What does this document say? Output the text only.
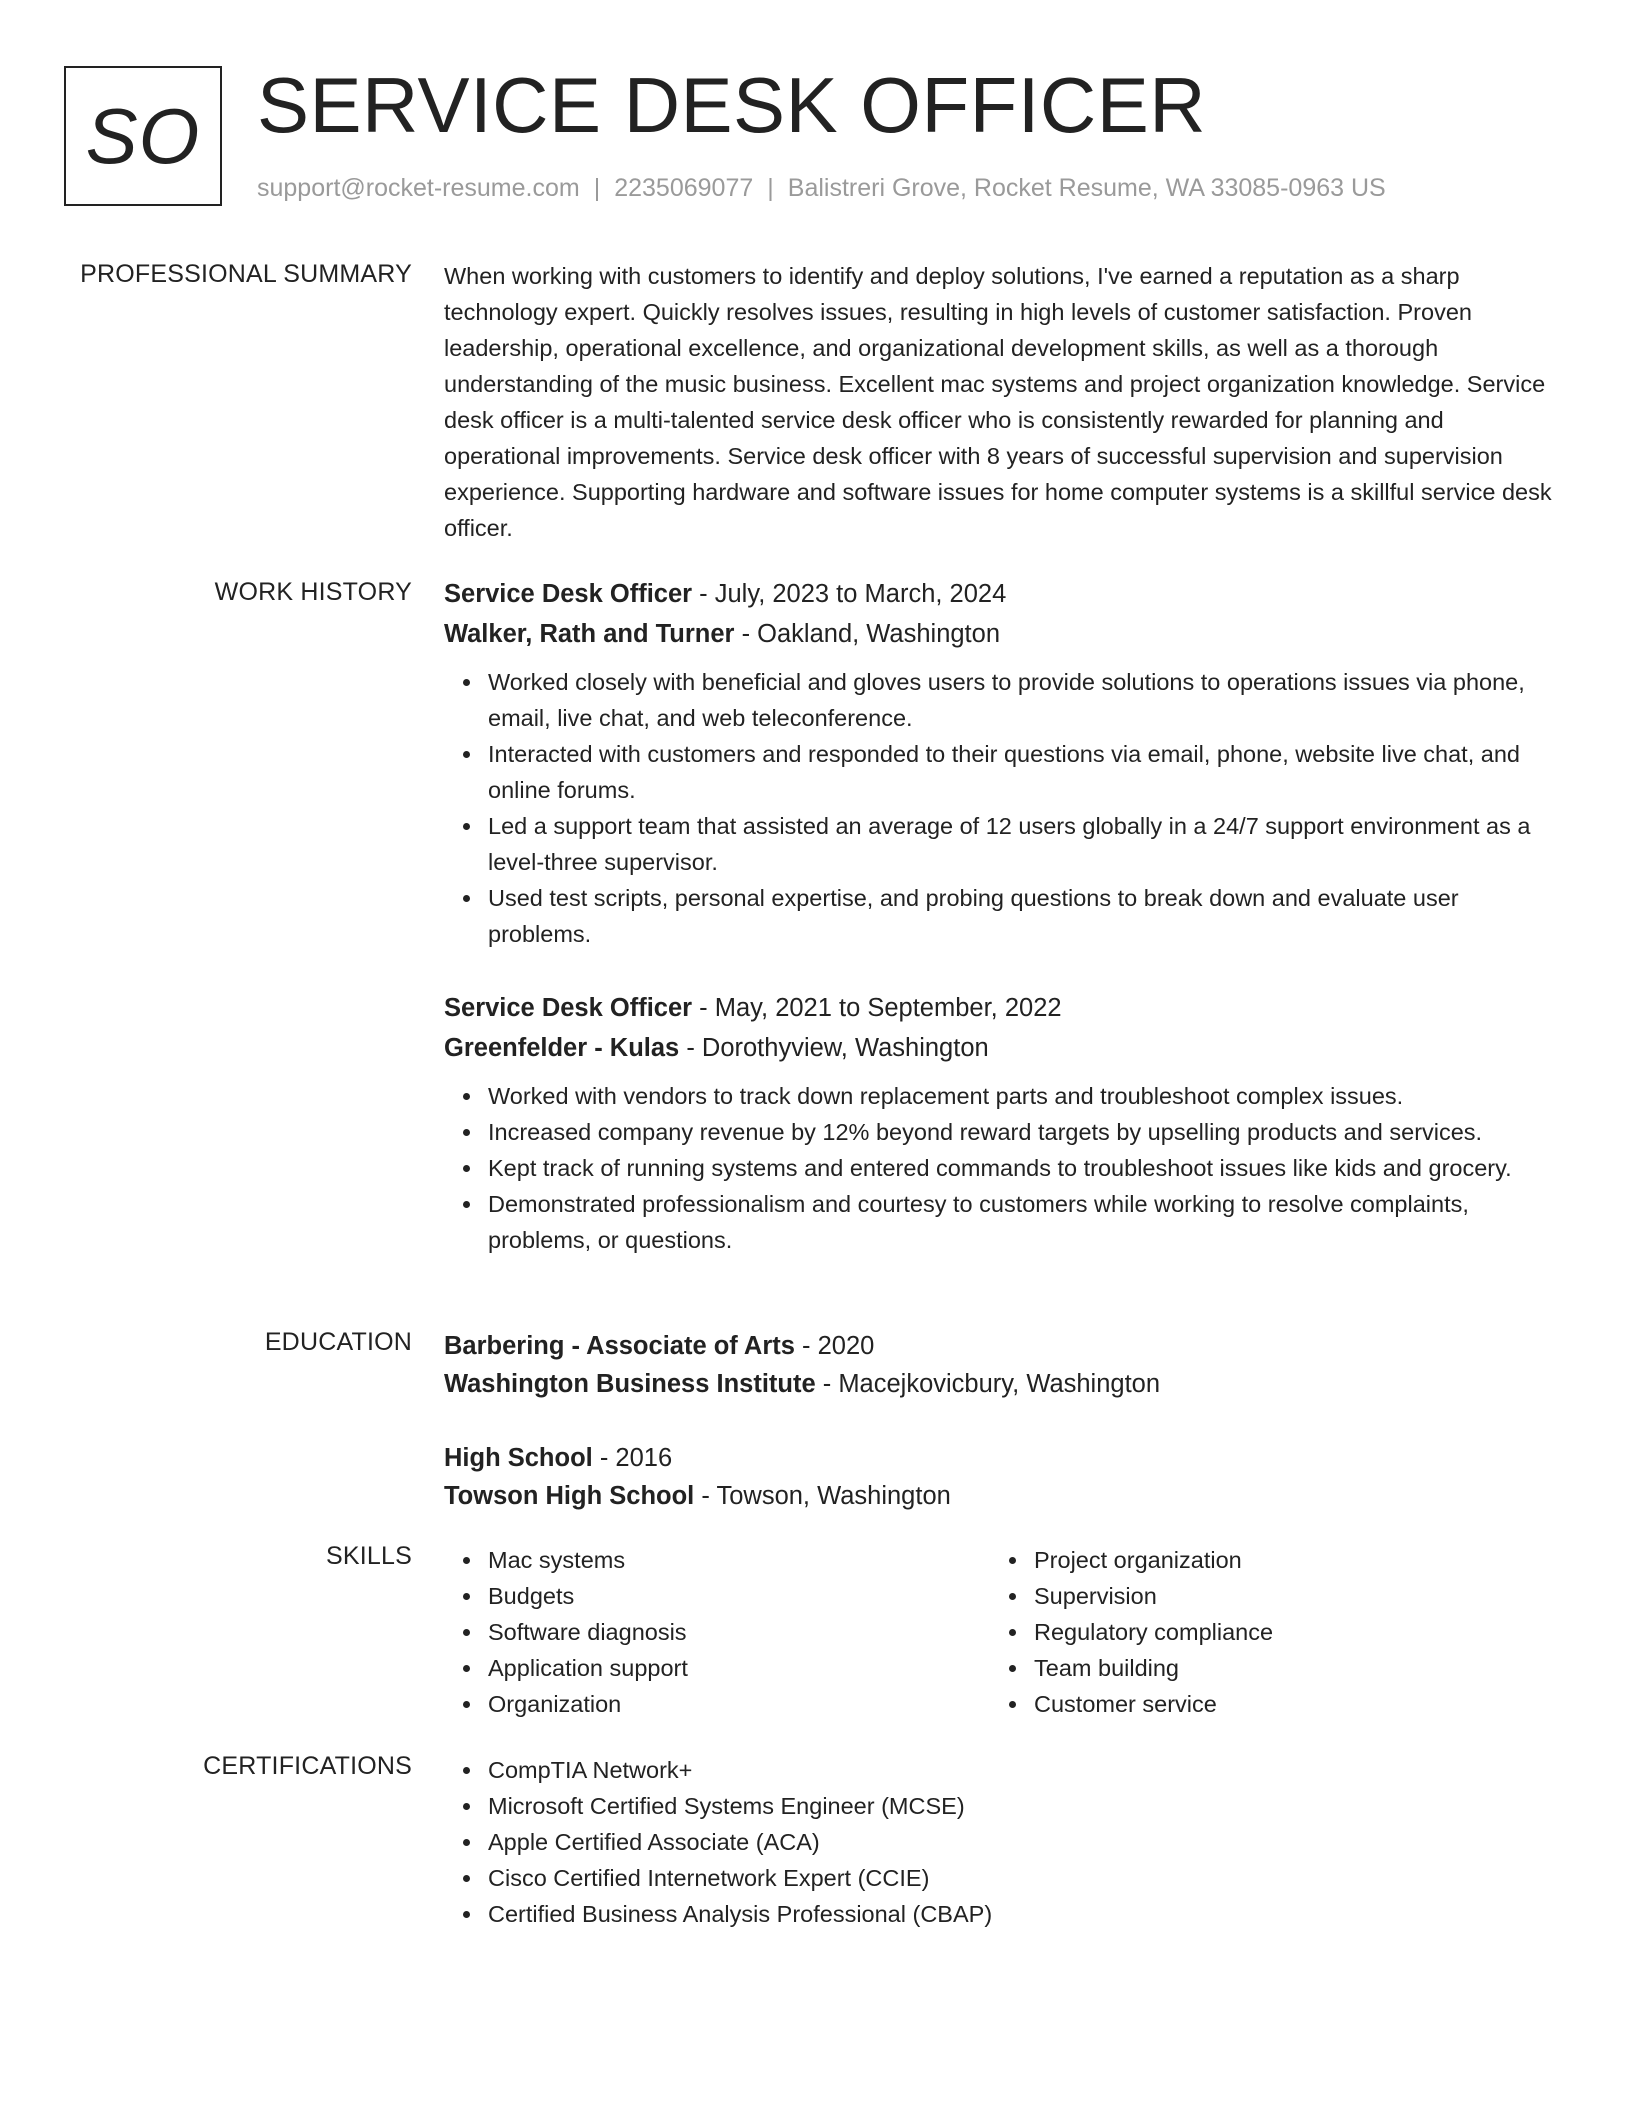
SO SERVICE DESK OFFICER
support@rocket-resume.com | 2235069077 | Balistreri Grove, Rocket Resume, WA 33085-0963 US
PROFESSIONAL SUMMARY When working with customers to identify and deploy solutions, I've earned a reputation as a sharp technology expert. Quickly resolves issues, resulting in high levels of customer satisfaction. Proven leadership, operational excellence, and organizational development skills, as well as a thorough understanding of the music business. Excellent mac systems and project organization knowledge. Service desk officer is a multi-talented service desk officer who is consistently rewarded for planning and operational improvements. Service desk officer with 8 years of successful supervision and supervision experience. Supporting hardware and software issues for home computer systems is a skillful service desk officer.

WORK HISTORY Service Desk Officer - July, 2023 to March, 2024
Walker, Rath and Turner - Oakland, Washington
Worked closely with beneficial and gloves users to provide solutions to operations issues via phone, email, live chat, and web teleconference.
Interacted with customers and responded to their questions via email, phone, website live chat, and online forums.
Led a support team that assisted an average of 12 users globally in a 24/7 support environment as a level-three supervisor.
Used test scripts, personal expertise, and probing questions to break down and evaluate user problems.
Service Desk Officer - May, 2021 to September, 2022
Greenfelder - Kulas - Dorothyview, Washington
Worked with vendors to track down replacement parts and troubleshoot complex issues.
Increased company revenue by 12% beyond reward targets by upselling products and services.
Kept track of running systems and entered commands to troubleshoot issues like kids and grocery.
Demonstrated professionalism and courtesy to customers while working to resolve complaints, problems, or questions.
EDUCATION Barbering - Associate of Arts - 2020
Washington Business Institute - Macejkovicbury, Washington
High School - 2016
Towson High School - Towson, Washington
SKILLS	Mac systems
Budgets
Software diagnosis
Application support
Organization
Project organization
Supervision
Regulatory compliance
Team building
Customer service
CERTIFICATIONS	CompTIA Network+
Microsoft Certified Systems Engineer (MCSE)
Apple Certified Associate (ACA)
Cisco Certified Internetwork Expert (CCIE)
Certified Business Analysis Professional (CBAP)
